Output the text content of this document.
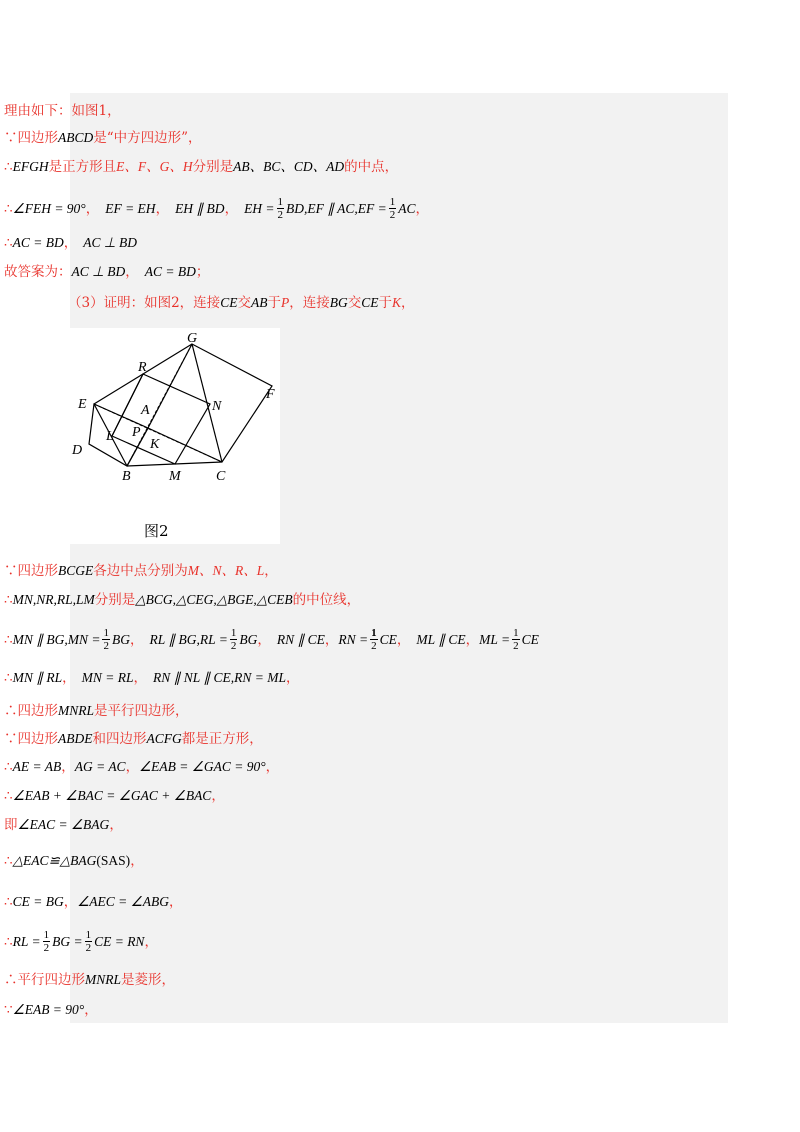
理由如下：如图1，
∵四边形 ABCD 是“中方四边形”，
∴ EFGH 是正方形且 E、F、G、H 分别是 AB、BC、CD、AD 的中点，
∴ ∠FEH = 90° ， EF = EH ， EH ∥ BD ， EH = $\frac{1}{2} BD,EF$ ∥ $AC,EF = \frac{1}{2}$ AC ，
∴ AC = BD ， AC ⊥ BD
故答案为： AC ⊥ BD ， AC = BD ；
（3）证明：如图2，连接 CE 交 AB 于 P ，连接 BG 交 CE 于 K ，
G
R
F
E	A	N
P
L
K
D
B	M	C
图2
∵四边形 BCGE 各边中点分别为 M、N、R、L ，
∴ MN,NR,RL,LM 分别是 △BCG,△CEG,△BGE,△CEB 的中位线，
∴ MN ∥ $BG,MN = \frac{1}{2}$ BG ， RL ∥ $BG,RL = \frac{1}{2}$ BG ， RN ∥ CE ， RN = $\frac{1}{2}$ CE ， ML ∥ CE ， ML = $\frac{1}{2}$ CE
∴ MN ∥ RL ， MN = RL ， RN ∥ NL ∥ CE,RN = ML ，
∴四边形 MNRL 是平行四边形，
∵四边形 ABDE 和四边形 ACFG 都是正方形，
∴ AE = AB ， AG = AC ， ∠EAB = ∠GAC = 90° ，
∴ ∠EAB + ∠BAC = ∠GAC + ∠BAC ，
即 ∠EAC = ∠BAG ，
∴ △EAC≌△BAG (SAS) ，
∴ CE = BG ， ∠AEC = ∠ABG ，
∴ RL = $\frac{1}{2}$ BG = $\frac{1}{2}$ CE = RN ，
∴平行四边形 MNRL 是菱形，
∵ ∠EAB = 90° ，
